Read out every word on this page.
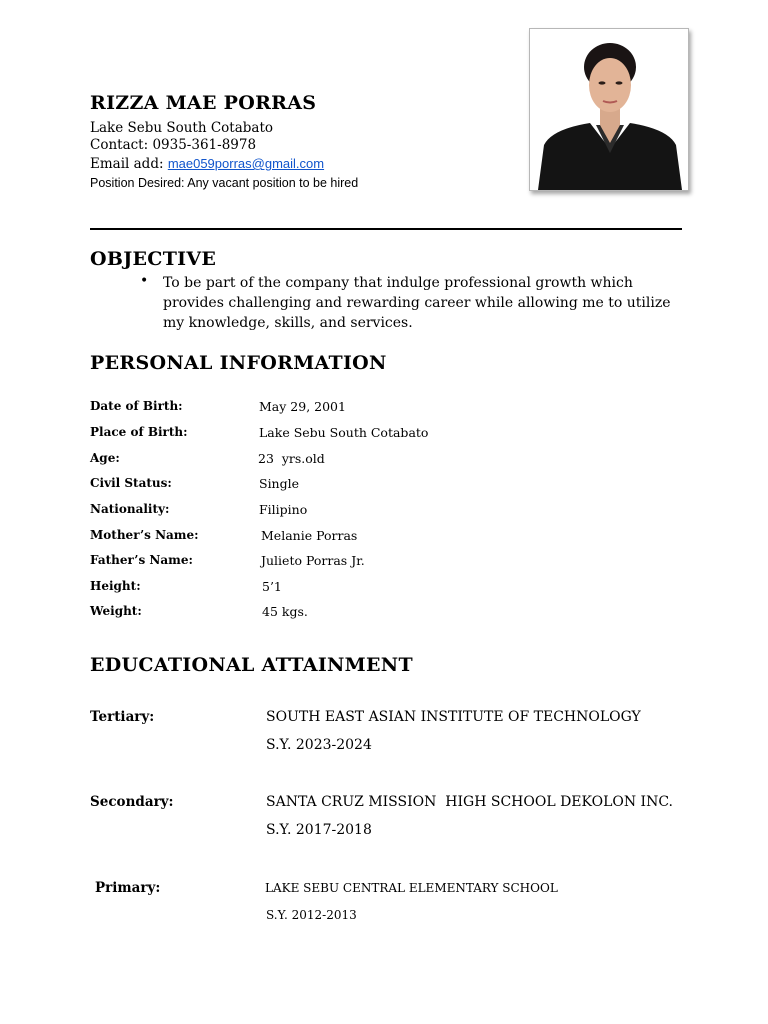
RIZZA MAE PORRAS
Lake Sebu South Cotabato
Contact: 0935-361-8978
Email add: mae059porras@gmail.com
Position Desired: Any vacant position to be hired
OBJECTIVE
• To be part of the company that indulge professional growth which provides challenging and rewarding career while allowing me to utilize my knowledge, skills, and services.
PERSONAL INFORMATION
Date of Birth:	May 29, 2001
Place of Birth:	Lake Sebu South Cotabato
Age:	23  yrs.old
Civil Status:	Single
Nationality:	Filipino
Mother’s Name:	Melanie Porras
Father’s Name:	Julieto Porras Jr.
Height:	5’1
Weight:	45 kgs.
EDUCATIONAL ATTAINMENT
Tertiary:	SOUTH EAST ASIAN INSTITUTE OF TECHNOLOGY
S.Y. 2023-2024
Secondary:	SANTA CRUZ MISSION  HIGH SCHOOL DEKOLON INC.
S.Y. 2017-2018
Primary:	LAKE SEBU CENTRAL ELEMENTARY SCHOOL
S.Y. 2012-2013
